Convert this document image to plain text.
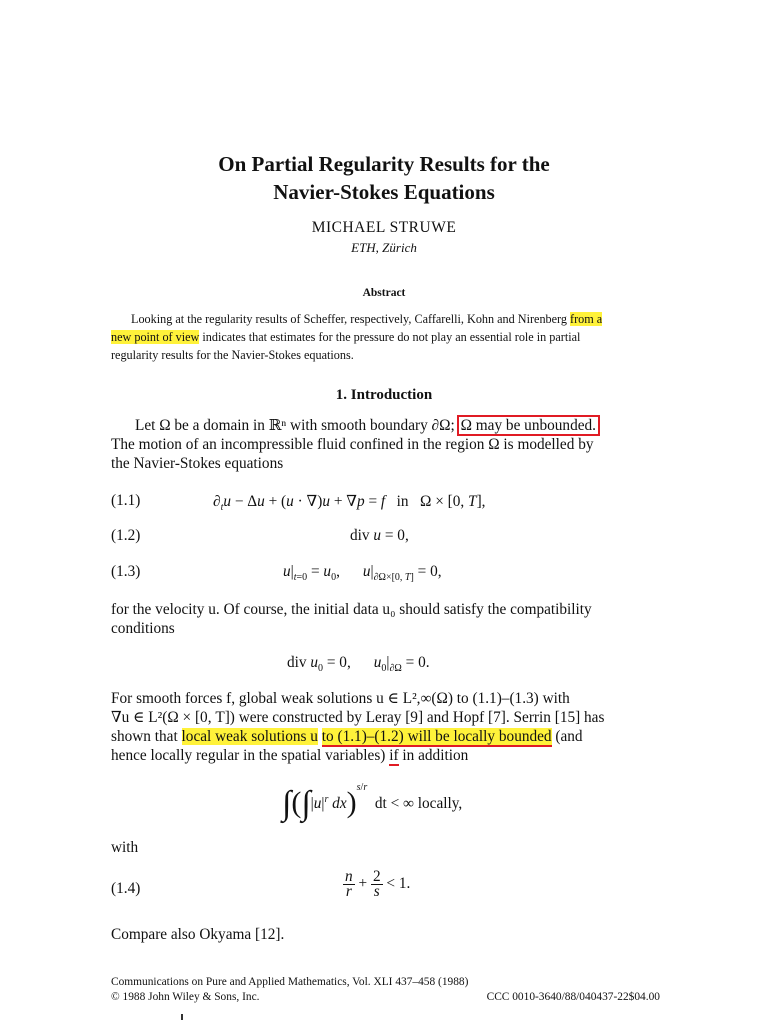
On Partial Regularity Results for the
Navier-Stokes Equations
MICHAEL STRUWE
ETH, Zürich
Abstract
Looking at the regularity results of Scheffer, respectively, Caffarelli, Kohn and Nirenberg from a
new point of view indicates that estimates for the pressure do not play an essential role in partial
regularity results for the Navier-Stokes equations.
1. Introduction
Let Ω be a domain in ℝⁿ with smooth boundary ∂Ω; Ω may be unbounded.
The motion of an incompressible fluid confined in the region Ω is modelled by
the Navier-Stokes equations
(1.1)	$\partial_tu - \Delta u + (u \cdot \nabla)u + \nabla p = f$   in   Ω × [0, T],
(1.2)	div u = 0,
(1.3)	$u|_{t=0} = u_0$,      $u|_{\partial\Omega\times[0, T]} = 0$,
for the velocity u. Of course, the initial data u₀ should satisfy the compatibility
conditions
div $u_0 = 0$,      $u_0|_{\partial\Omega} = 0$.
For smooth forces f, global weak solutions u ∈ L²,∞(Ω) to (1.1)–(1.3) with
∇u ∈ L²(Ω × [0, T]) were constructed by Leray [9] and Hopf [7]. Serrin [15] has
shown that local weak solutions u to (1.1)–(1.2) will be locally bounded (and
hence locally regular in the spatial variables) if in addition
$\int(\int|u|^r$ dx)$^{s/r}$  dt < ∞ locally,
with
(1.4)	$\frac{n}{r} + \frac{2}{s} < 1$.
Compare also Okyama [12].
Communications on Pure and Applied Mathematics, Vol. XLI 437–458 (1988)
© 1988 John Wiley & Sons, Inc.	CCC 0010-3640/88/040437-22$04.00
